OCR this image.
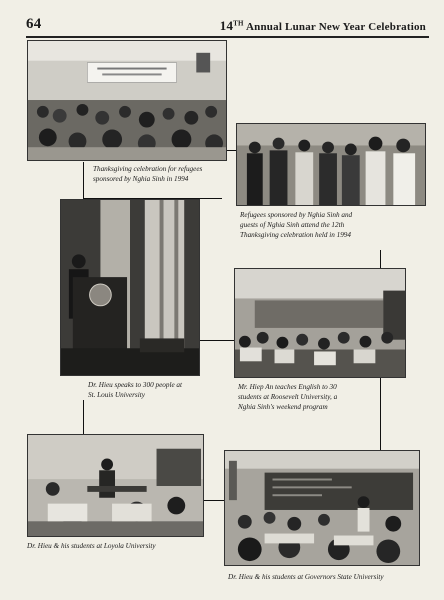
64	14TH Annual Lunar New Year Celebration
Thanksgiving celebration for refugees
sponsored by Nghia Sinh in 1994
Refugees sponsored by Nghia Sinh and
guests of Nghia Sinh attend the 12th
Thanksgiving celebration held in 1994
Dr. Hieu speaks to 300 people at
St. Louis University
Mr. Hiep An teaches English to 30
students at Roosevelt University, a
Nghia Sinh's weekend program
Dr. Hieu & his students at Loyola University
Dr. Hieu & his students at Governors State University
